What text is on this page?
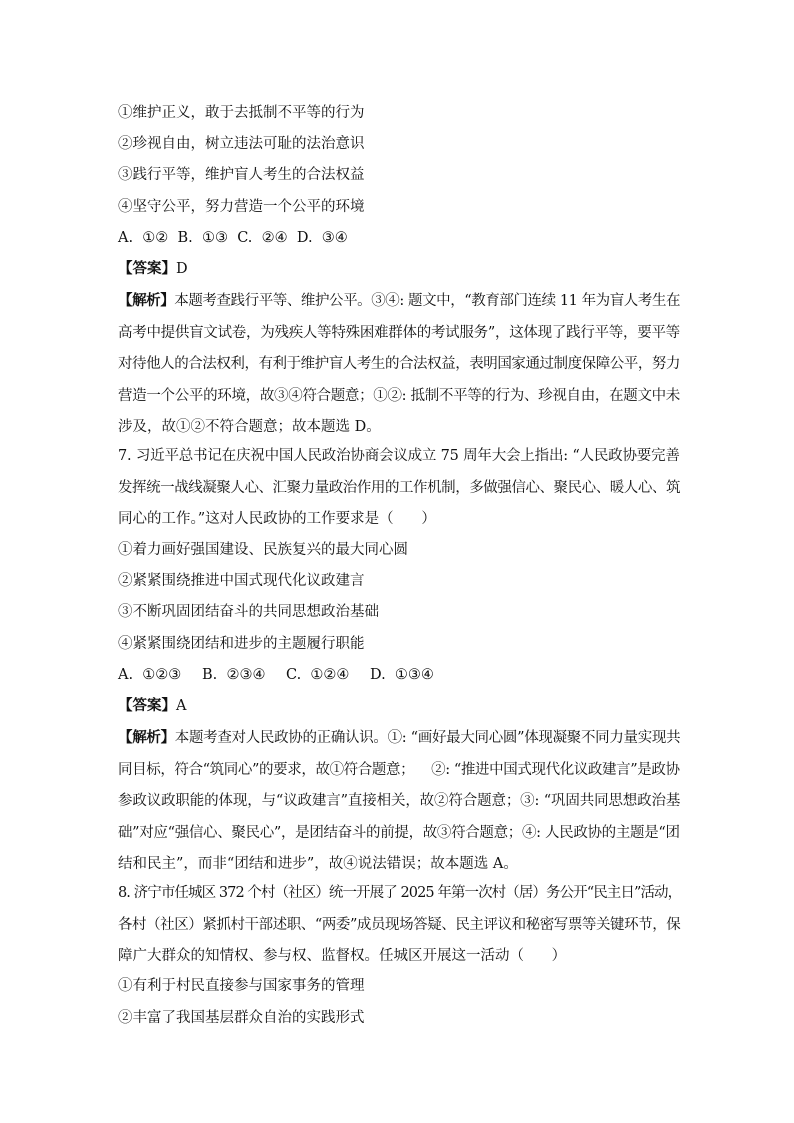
①维护正义，敢于去抵制不平等的行为
②珍视自由，树立违法可耻的法治意识
③践行平等，维护盲人考生的合法权益
④坚守公平，努力营造一个公平的环境
A.  ①②  B.  ①③  C.  ②④  D.  ③④
【答案】D
【解析】本题考查践行平等、维护公平。③④: 题文中，“教育部门连续 11 年为盲人考生在
高考中提供盲文试卷，为残疾人等特殊困难群体的考试服务”，这体现了践行平等，要平等
对待他人的合法权利，有利于维护盲人考生的合法权益，表明国家通过制度保障公平，努力
营造一个公平的环境，故③④符合题意；①②: 抵制不平等的行为、珍视自由，在题文中未
涉及，故①②不符合题意；故本题选 D。
7. 习近平总书记在庆祝中国人民政治协商会议成立 75 周年大会上指出: “人民政协要完善
发挥统一战线凝聚人心、汇聚力量政治作用的工作机制，多做强信心、聚民心、暖人心、筑
同心的工作。”这对人民政协的工作要求是（      ）
①着力画好强国建设、民族复兴的最大同心圆
②紧紧围绕推进中国式现代化议政建言
③不断巩固团结奋斗的共同思想政治基础
④紧紧围绕团结和进步的主题履行职能
A.  ①②③ B.  ②③④ C.  ①②④ D.  ①③④
【答案】A
【解析】本题考查对人民政协的正确认识。①: “画好最大同心圆”体现凝聚不同力量实现共
同目标，符合“筑同心”的要求，故①符合题意；    ②: “推进中国式现代化议政建言”是政协
参政议政职能的体现，与“议政建言”直接相关，故②符合题意；③: “巩固共同思想政治基
础”对应“强信心、聚民心”，是团结奋斗的前提，故③符合题意；④: 人民政协的主题是“团
结和民主”，而非“团结和进步”，故④说法错误；故本题选 A。
8. 济宁市任城区 372 个村（社区）统一开展了 2025 年第一次村（居）务公开“民主日”活动，
各村（社区）紧抓村干部述职、“两委”成员现场答疑、民主评议和秘密写票等关键环节，保
障广大群众的知情权、参与权、监督权。任城区开展这一活动（      ）
①有利于村民直接参与国家事务的管理
②丰富了我国基层群众自治的实践形式
